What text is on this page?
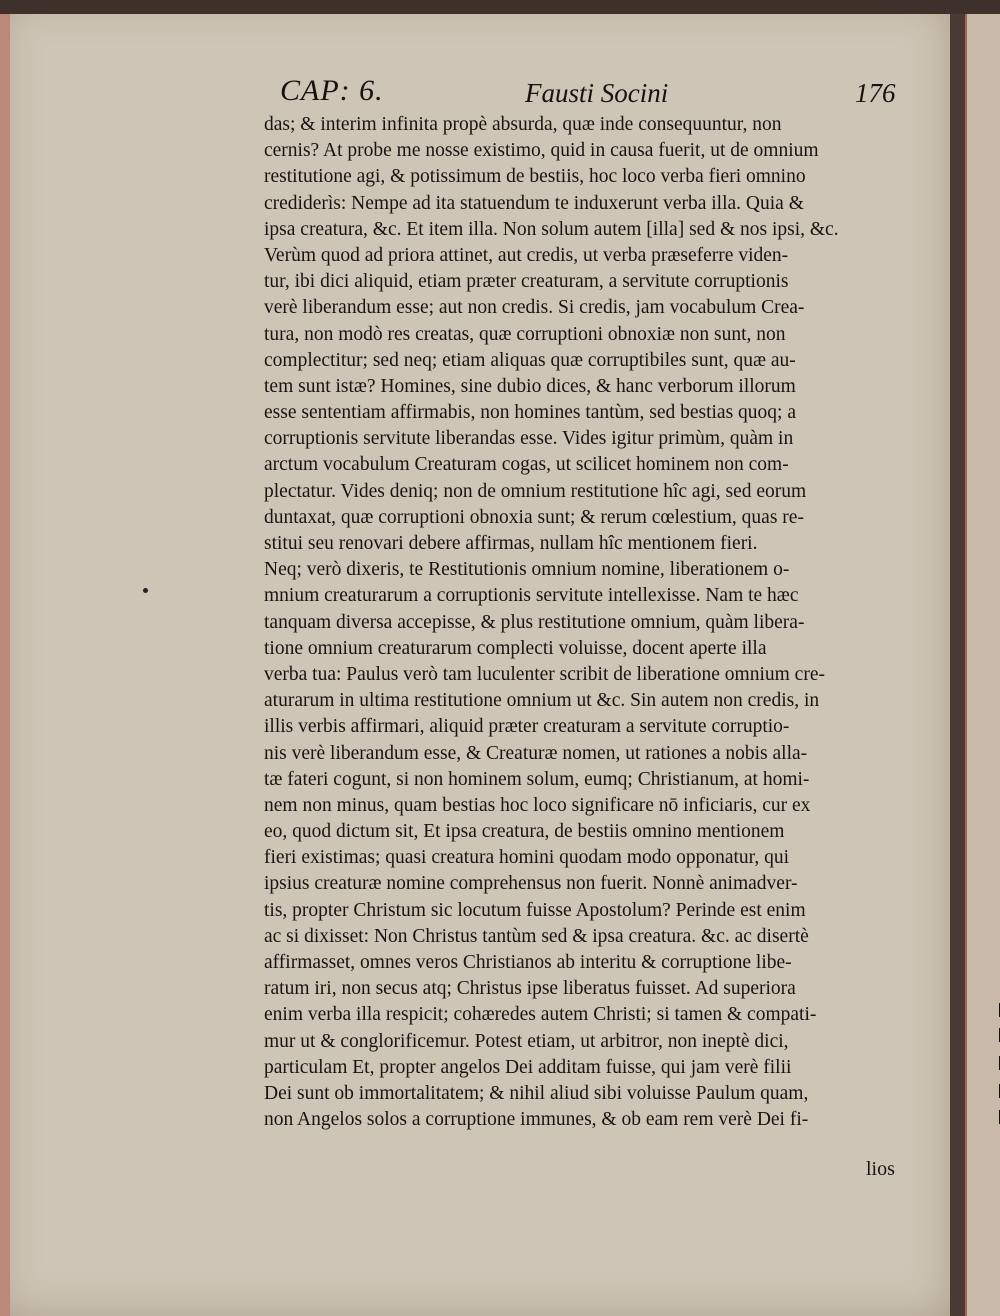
CAP: 6.	Fausti Socini	176
das; & interim infinita propè absurda, quæ inde consequuntur, non
cernis? At probe me nosse existimo, quid in causa fuerit, ut de omnium
restitutione agi, & potissimum de bestiis, hoc loco verba fieri omnino
crediderìs: Nempe ad ita statuendum te induxerunt verba illa. Quia &
ipsa creatura, &c. Et item illa. Non solum autem [illa] sed & nos ipsi, &c.
Verùm quod ad priora attinet, aut credis, ut verba præseferre viden-
tur, ibi dici aliquid, etiam præter creaturam, a servitute corruptionis
verè liberandum esse; aut non credis. Si credis, jam vocabulum Crea-
tura, non modò res creatas, quæ corruptioni obnoxiæ non sunt, non
complectitur; sed neq; etiam aliquas quæ corruptibiles sunt, quæ au-
tem sunt istæ? Homines, sine dubio dices, & hanc verborum illorum
esse sententiam affirmabis, non homines tantùm, sed bestias quoq; a
corruptionis servitute liberandas esse. Vides igitur primùm, quàm in
arctum vocabulum Creaturam cogas, ut scilicet hominem non com-
plectatur. Vides deniq; non de omnium restitutione hîc agi, sed eorum
duntaxat, quæ corruptioni obnoxia sunt; & rerum cœlestium, quas re-
stitui seu renovari debere affirmas, nullam hîc mentionem fieri.
Neq; verò dixeris, te Restitutionis omnium nomine, liberationem o-
mnium creaturarum a corruptionis servitute intellexisse. Nam te hæc
tanquam diversa accepisse, & plus restitutione omnium, quàm libera-
tione omnium creaturarum complecti voluisse, docent aperte illa
verba tua: Paulus verò tam luculenter scribit de liberatione omnium cre-
aturarum in ultima restitutione omnium ut &c. Sin autem non credis, in
illis verbis affirmari, aliquid præter creaturam a servitute corruptio-
nis verè liberandum esse, & Creaturæ nomen, ut rationes a nobis alla-
tæ fateri cogunt, si non hominem solum, eumq; Christianum, at homi-
nem non minus, quam bestias hoc loco significare nō inficiaris, cur ex
eo, quod dictum sit, Et ipsa creatura, de bestiis omnino mentionem
fieri existimas; quasi creatura homini quodam modo opponatur, qui
ipsius creaturæ nomine comprehensus non fuerit. Nonnè animadver-
tis, propter Christum sic locutum fuisse Apostolum? Perinde est enim
ac si dixisset: Non Christus tantùm sed & ipsa creatura. &c. ac disertè
affirmasset, omnes veros Christianos ab interitu & corruptione libe-
ratum iri, non secus atq; Christus ipse liberatus fuisset. Ad superiora
enim verba illa respicit; cohæredes autem Christi; si tamen & compati-
mur ut & conglorificemur. Potest etiam, ut arbitror, non ineptè dici,
particulam Et, propter angelos Dei additam fuisse, qui jam verè filii
Dei sunt ob immortalitatem; & nihil aliud sibi voluisse Paulum quam,
non Angelos solos a corruptione immunes, & ob eam rem verè Dei fi-
lios
